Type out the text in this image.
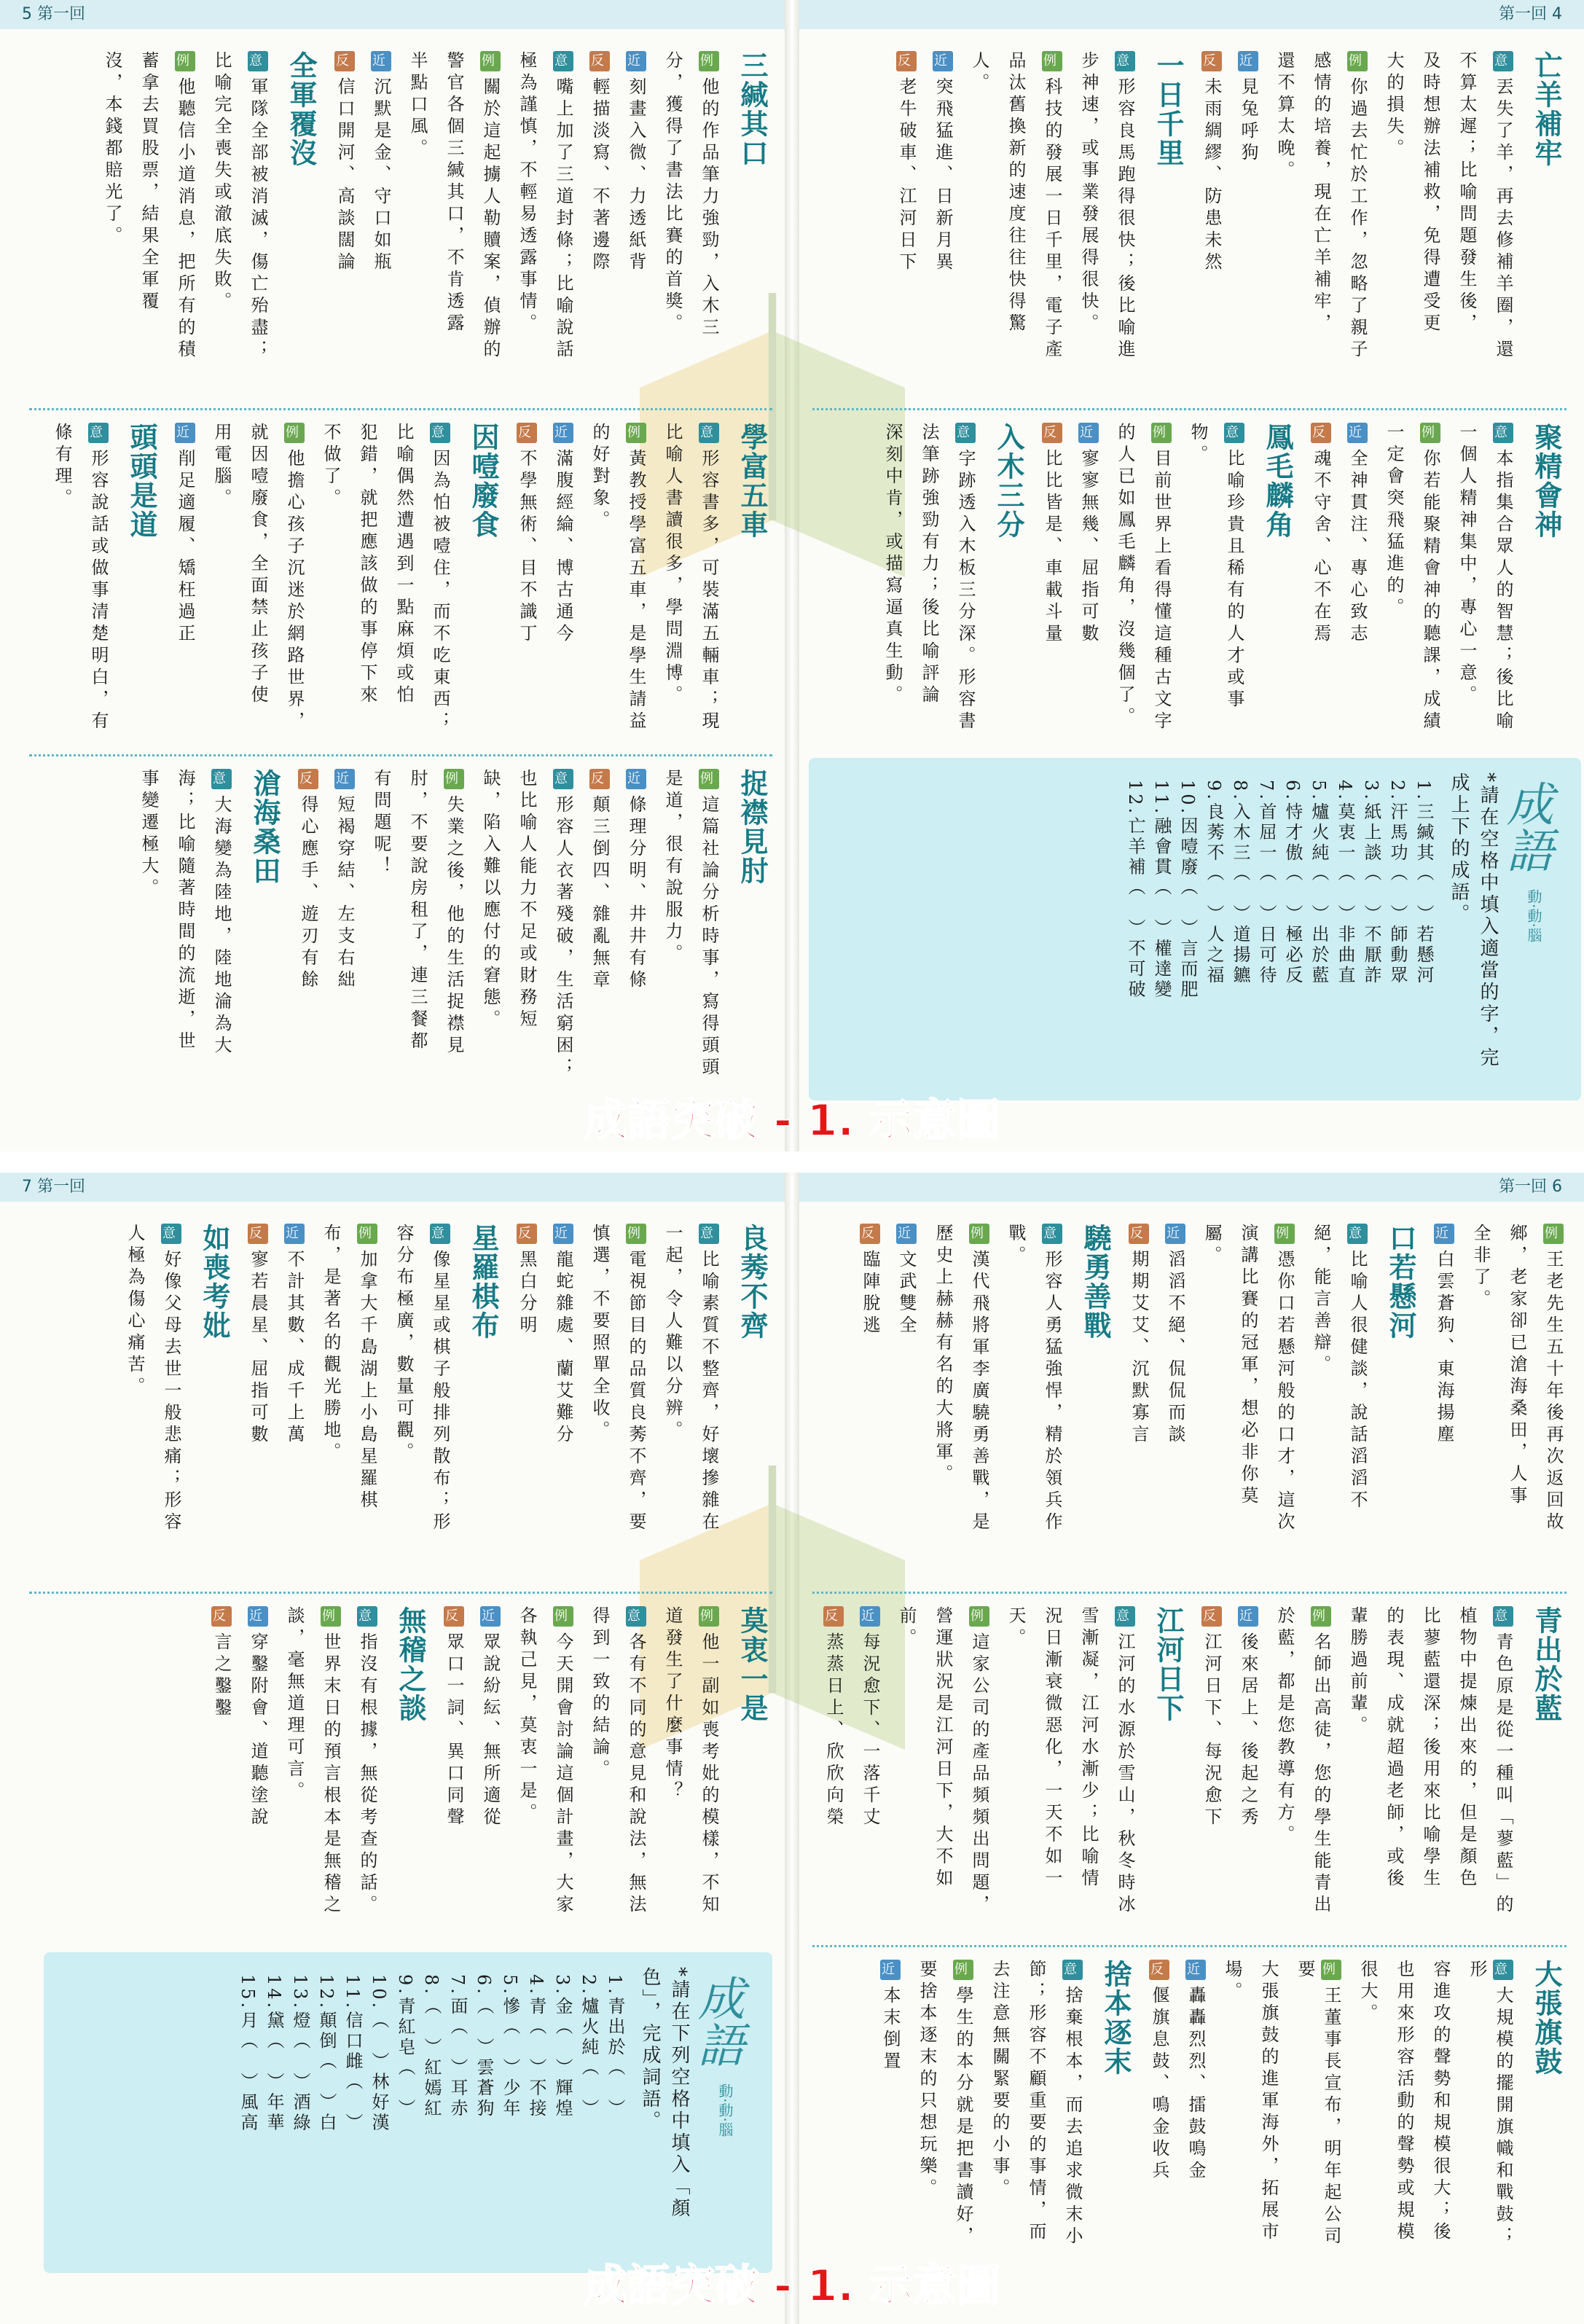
5 第一回	第一回 4
亡羊補牢
意丟失了羊，再去修補羊圈，還
不算太遲；比喻問題發生後，
及時想辦法補救，免得遭受更
大的損失。
例你過去忙於工作，忽略了親子
感情的培養，現在亡羊補牢，
還不算太晚。
近見兔呼狗
反未雨綢繆、防患未然
一日千里
意形容良馬跑得很快；後比喻進
步神速，或事業發展得很快。
例科技的發展一日千里，電子產
品汰舊換新的速度往往快得驚
人。
近突飛猛進、日新月異
反老牛破車、江河日下
三緘其口
例他的作品筆力強勁，入木三
分，獲得了書法比賽的首獎。
近刻畫入微、力透紙背
反輕描淡寫、不著邊際
意嘴上加了三道封條；比喻說話
極為謹慎，不輕易透露事情。
例關於這起擄人勒贖案，偵辦的
警官各個三緘其口，不肯透露
半點口風。
近沉默是金、守口如瓶
反信口開河、高談闊論
全軍覆沒
意軍隊全部被消滅，傷亡殆盡；
比喻完全喪失或澈底失敗。
例他聽信小道消息，把所有的積
蓄拿去買股票，結果全軍覆
沒，本錢都賠光了。
聚精會神
意本指集合眾人的智慧；後比喻
一個人精神集中，專心一意。
例你若能聚精會神的聽課，成績
一定會突飛猛進的。
近全神貫注、專心致志
反魂不守舍、心不在焉
鳳毛麟角
意比喻珍貴且稀有的人才或事
物。
例目前世界上看得懂這種古文字
的人已如鳳毛麟角，沒幾個了。
近寥寥無幾、屈指可數
反比比皆是、車載斗量
入木三分
意字跡透入木板三分深。形容書
法筆跡強勁有力；後比喻評論
深刻中肯，或描寫逼真生動。
學富五車
意形容書多，可裝滿五輛車；現
比喻人書讀很多，學問淵博。
例黃教授學富五車，是學生請益
的好對象。
近滿腹經綸、博古通今
反不學無術、目不識丁
因噎廢食
意因為怕被噎住，而不吃東西；
比喻偶然遭遇到一點麻煩或怕
犯錯，就把應該做的事停下來
不做了。
例他擔心孩子沉迷於網路世界，
就因噎廢食，全面禁止孩子使
用電腦。
近削足適履、矯枉過正
頭頭是道
意形容說話或做事清楚明白，有
條有理。
捉襟見肘
例這篇社論分析時事，寫得頭頭
是道，很有說服力。
近條理分明、井井有條
反顛三倒四、雜亂無章
意形容人衣著殘破，生活窮困；
也比喻人能力不足或財務短
缺，陷入難以應付的窘態。
例失業之後，他的生活捉襟見
肘，不要說房租了，連三餐都
有問題呢！
近短褐穿結、左支右絀
反得心應手、遊刃有餘
滄海桑田
意大海變為陸地，陸地淪為大
海；比喻隨著時間的流逝，世
事變遷極大。	成語
動‧動‧腦
*請在空格中填入適當的字，完
成上下的成語。
1.三緘其（　）若懸河
2.汗馬功（　）師動眾
3.紙上談（　）不厭詐
4.莫衷一（　）非曲直
5.爐火純（　）出於藍
6.恃才傲（　）極必反
7.首屈一（　）日可待
8.入木三（　）道揚鑣
9.良莠不（　）人之福
10.因噎廢（　）言而肥
11.融會貫（　）權達變
12.亡羊補（　）不可破
成語突破 - 1. 示意圖
7 第一回	第一回 6
例王老先生五十年後再次返回故
鄉，老家卻已滄海桑田，人事
全非了。
近白雲蒼狗、東海揚塵
口若懸河
意比喻人很健談，說話滔滔不
絕，能言善辯。
例憑你口若懸河般的口才，這次
演講比賽的冠軍，想必非你莫
屬。
近滔滔不絕、侃侃而談
反期期艾艾、沉默寡言
驍勇善戰
意形容人勇猛強悍，精於領兵作
戰。
例漢代飛將軍李廣驍勇善戰，是
歷史上赫赫有名的大將軍。
近文武雙全
反臨陣脫逃
良莠不齊
意比喻素質不整齊，好壞摻雜在
一起，令人難以分辨。
例電視節目的品質良莠不齊，要
慎選，不要照單全收。
近龍蛇雜處、蘭艾難分
反黑白分明
星羅棋布
意像星星或棋子般排列散布；形
容分布極廣，數量可觀。
例加拿大千島湖上小島星羅棋
布，是著名的觀光勝地。
近不計其數、成千上萬
反寥若晨星、屈指可數
如喪考妣
意好像父母去世一般悲痛；形容
人極為傷心痛苦。
青出於藍
意青色原是從一種叫「蓼藍」的
植物中提煉出來的，但是顏色
比蓼藍還深；後用來比喻學生
的表現、成就超過老師，或後
輩勝過前輩。
例名師出高徒，您的學生能青出
於藍，都是您教導有方。
近後來居上、後起之秀
反江河日下、每況愈下
江河日下
意江河的水源於雪山，秋冬時冰
雪漸凝，江河水漸少；比喻情
況日漸衰微惡化，一天不如一
天。
例這家公司的產品頻頻出問題，
營運狀況是江河日下，大不如
前。
近每況愈下、一落千丈
反蒸蒸日上、欣欣向榮
莫衷一是
例他一副如喪考妣的模樣，不知
道發生了什麼事情？
意各有不同的意見和說法，無法
得到一致的結論。
例今天開會討論這個計畫，大家
各執己見，莫衷一是。
近眾說紛紜、無所適從
反眾口一詞、異口同聲
無稽之談
意指沒有根據，無從考查的話。
例世界末日的預言根本是無稽之
談，毫無道理可言。
近穿鑿附會、道聽塗說
反言之鑿鑿
大張旗鼓
意大規模的擺開旗幟和戰鼓；形
容進攻的聲勢和規模很大；後
也用來形容活動的聲勢或規模
很大。
例王董事長宣布，明年起公司要
大張旗鼓的進軍海外，拓展市
場。
近轟轟烈烈、擂鼓鳴金
反偃旗息鼓、鳴金收兵
捨本逐末
意捨棄根本，而去追求微末小
節；形容不顧重要的事情，而
去注意無關緊要的小事。
例學生的本分就是把書讀好，
要捨本逐末的只想玩樂。
近本末倒置
成語
動‧動‧腦
*請在下列空格中填入「顏
色」，完成詞語。
1.青出於（　）
2.爐火純（　）
3.金（　）輝煌
4.青（　）不接
5.慘（　）少年
6.（　）雲蒼狗
7.面（　）耳赤
8.（　）紅嫣紅
9.青紅皂（　）
10.（　）林好漢
11.信口雌（　）
12.顛倒（　）白
13.燈（　）酒綠
14.黛（　）年華
15.月（　）風高
成語突破 - 1. 示意圖
